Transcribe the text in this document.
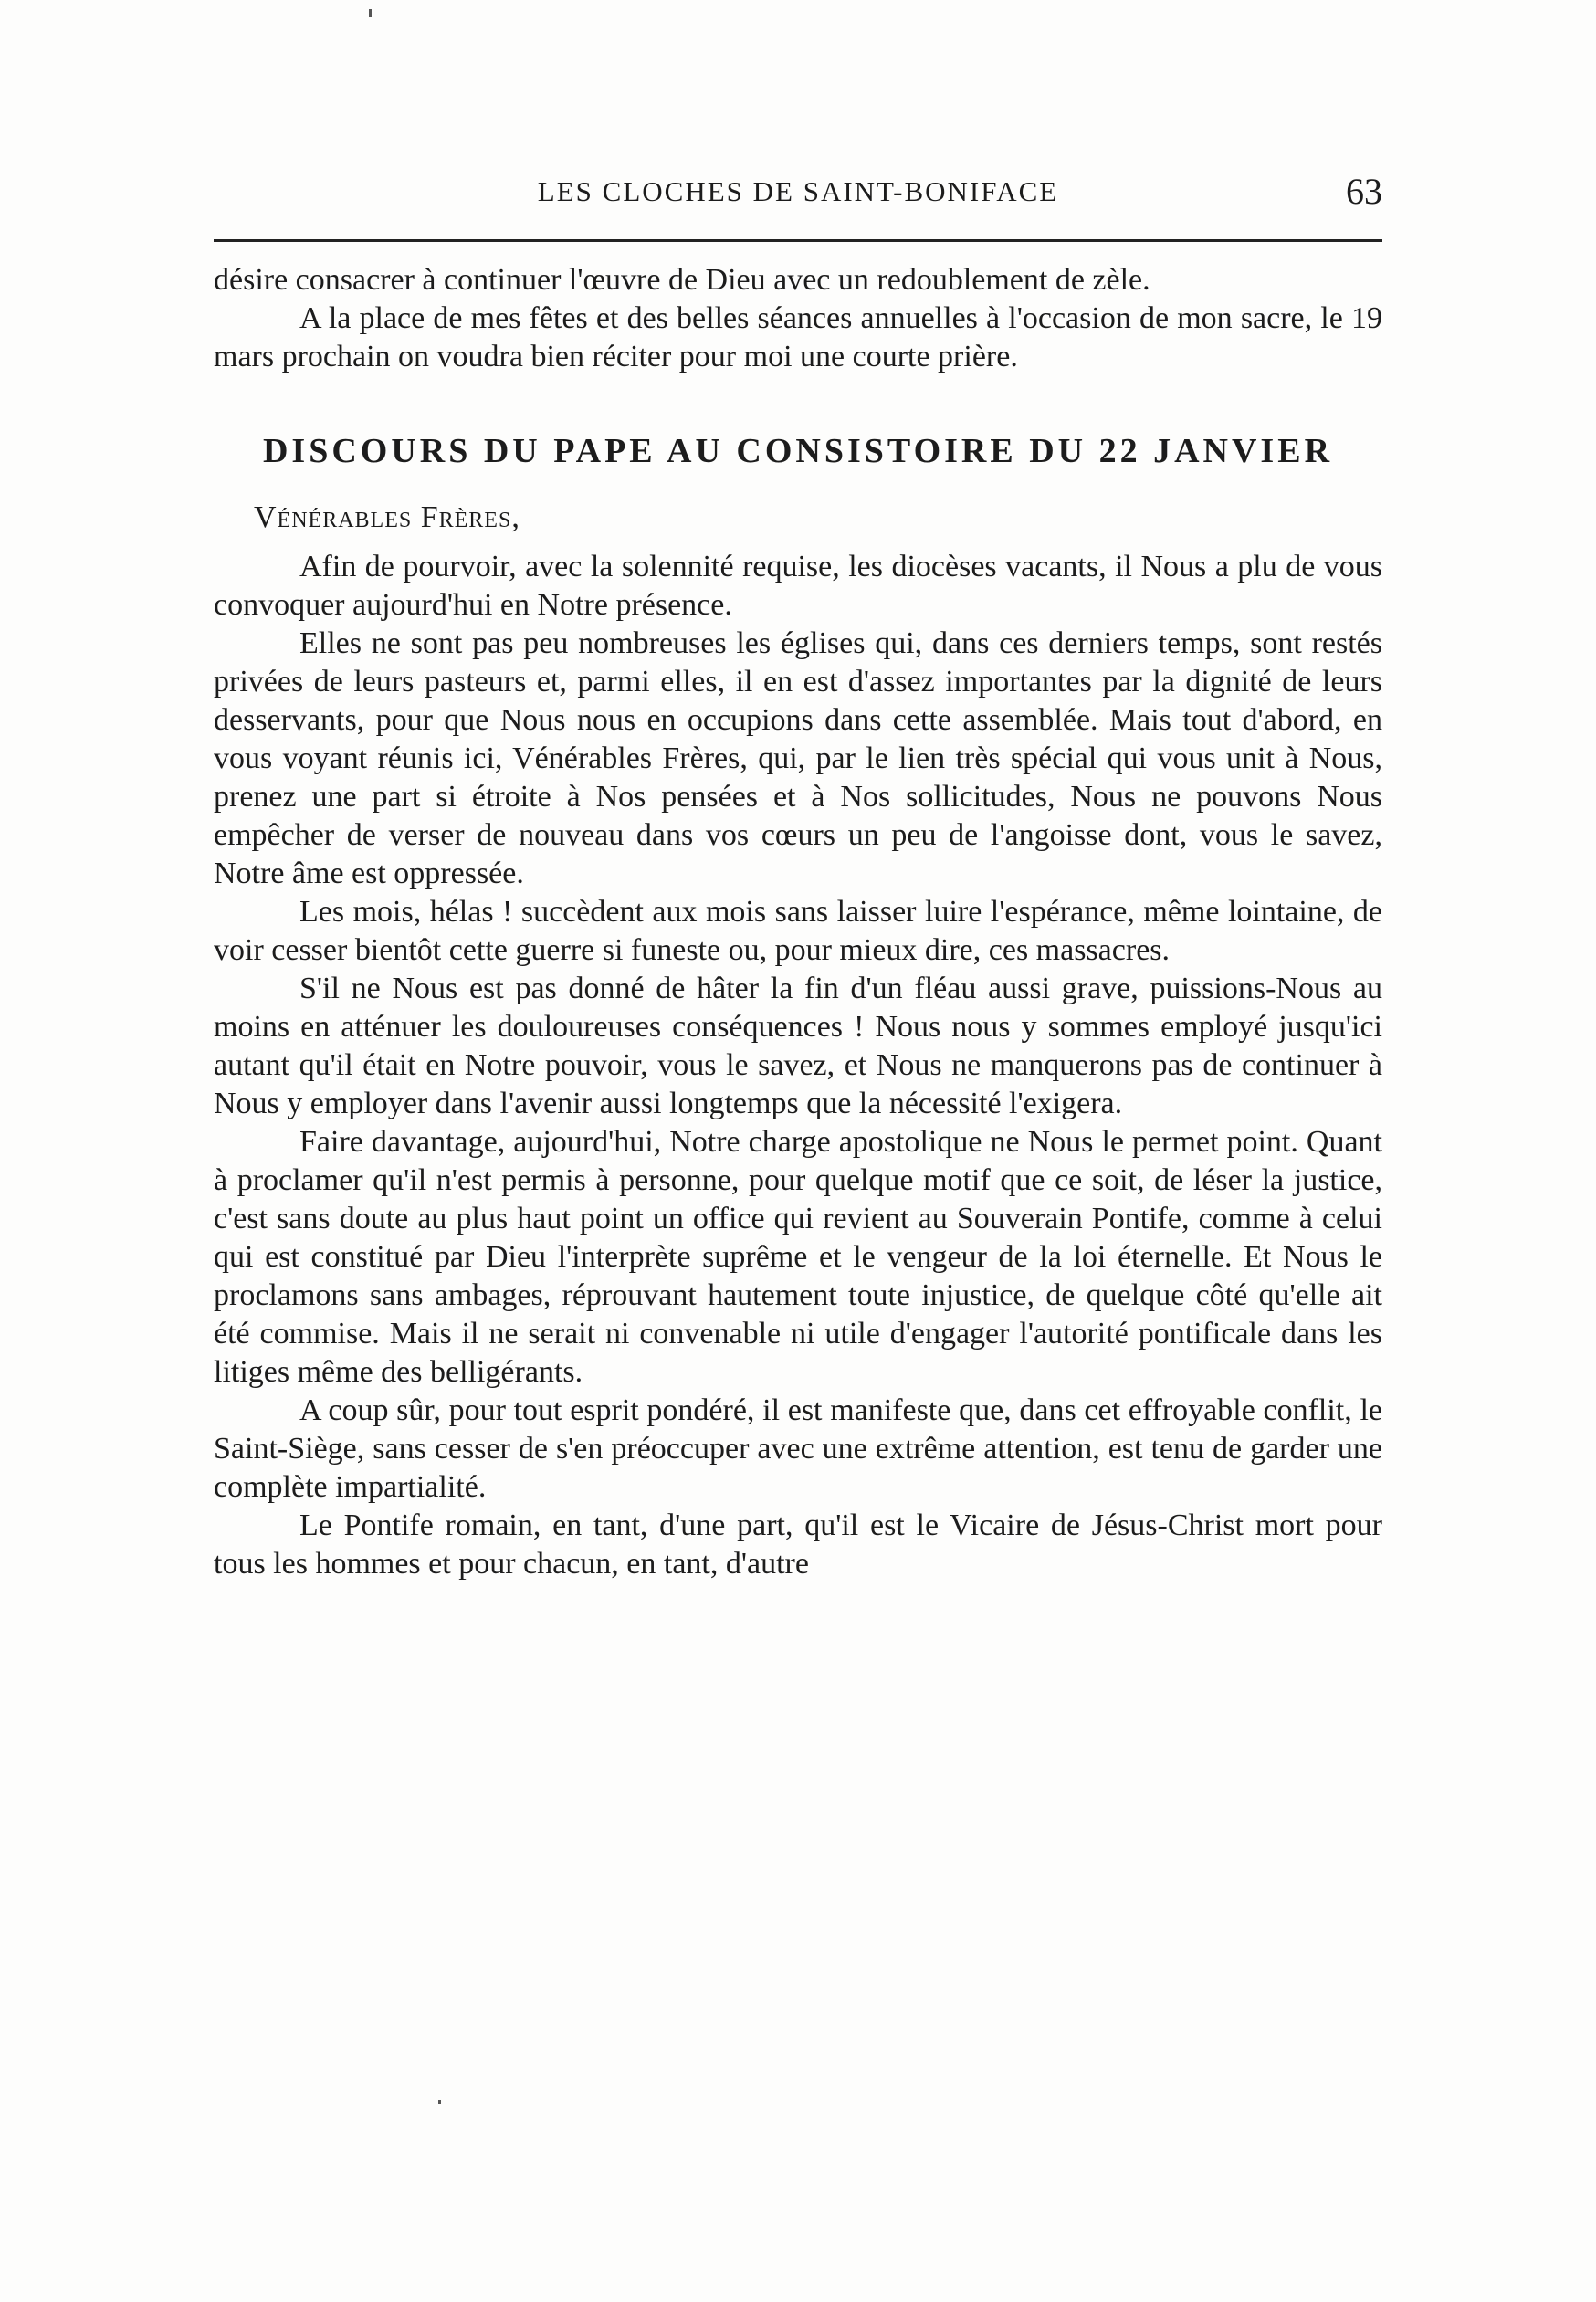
LES CLOCHES DE SAINT-BONIFACE	63

désire consacrer à continuer l'œuvre de Dieu avec un redoublement de zèle.

A la place de mes fêtes et des belles séances annuelles à l'occasion de mon sacre, le 19 mars prochain on voudra bien réciter pour moi une courte prière.

DISCOURS DU PAPE AU CONSISTOIRE DU 22 JANVIER

Vénérables Frères,

Afin de pourvoir, avec la solennité requise, les diocèses vacants, il Nous a plu de vous convoquer aujourd'hui en Notre présence.

Elles ne sont pas peu nombreuses les églises qui, dans ces derniers temps, sont restés privées de leurs pasteurs et, parmi elles, il en est d'assez importantes par la dignité de leurs desservants, pour que Nous nous en occupions dans cette assemblée. Mais tout d'abord, en vous voyant réunis ici, Vénérables Frères, qui, par le lien très spécial qui vous unit à Nous, prenez une part si étroite à Nos pensées et à Nos sollicitudes, Nous ne pouvons Nous empêcher de verser de nouveau dans vos cœurs un peu de l'angoisse dont, vous le savez, Notre âme est oppressée.

Les mois, hélas ! succèdent aux mois sans laisser luire l'espérance, même lointaine, de voir cesser bientôt cette guerre si funeste ou, pour mieux dire, ces massacres.

S'il ne Nous est pas donné de hâter la fin d'un fléau aussi grave, puissions-Nous au moins en atténuer les douloureuses conséquences ! Nous nous y sommes employé jusqu'ici autant qu'il était en Notre pouvoir, vous le savez, et Nous ne manquerons pas de continuer à Nous y employer dans l'avenir aussi longtemps que la nécessité l'exigera.

Faire davantage, aujourd'hui, Notre charge apostolique ne Nous le permet point. Quant à proclamer qu'il n'est permis à personne, pour quelque motif que ce soit, de léser la justice, c'est sans doute au plus haut point un office qui revient au Souverain Pontife, comme à celui qui est constitué par Dieu l'interprète suprême et le vengeur de la loi éternelle. Et Nous le proclamons sans ambages, réprouvant hautement toute injustice, de quelque côté qu'elle ait été commise. Mais il ne serait ni convenable ni utile d'engager l'autorité pontificale dans les litiges même des belligérants.

A coup sûr, pour tout esprit pondéré, il est manifeste que, dans cet effroyable conflit, le Saint-Siège, sans cesser de s'en préoccuper avec une extrême attention, est tenu de garder une complète impartialité.

Le Pontife romain, en tant, d'une part, qu'il est le Vicaire de Jésus-Christ mort pour tous les hommes et pour chacun, en tant, d'autre
